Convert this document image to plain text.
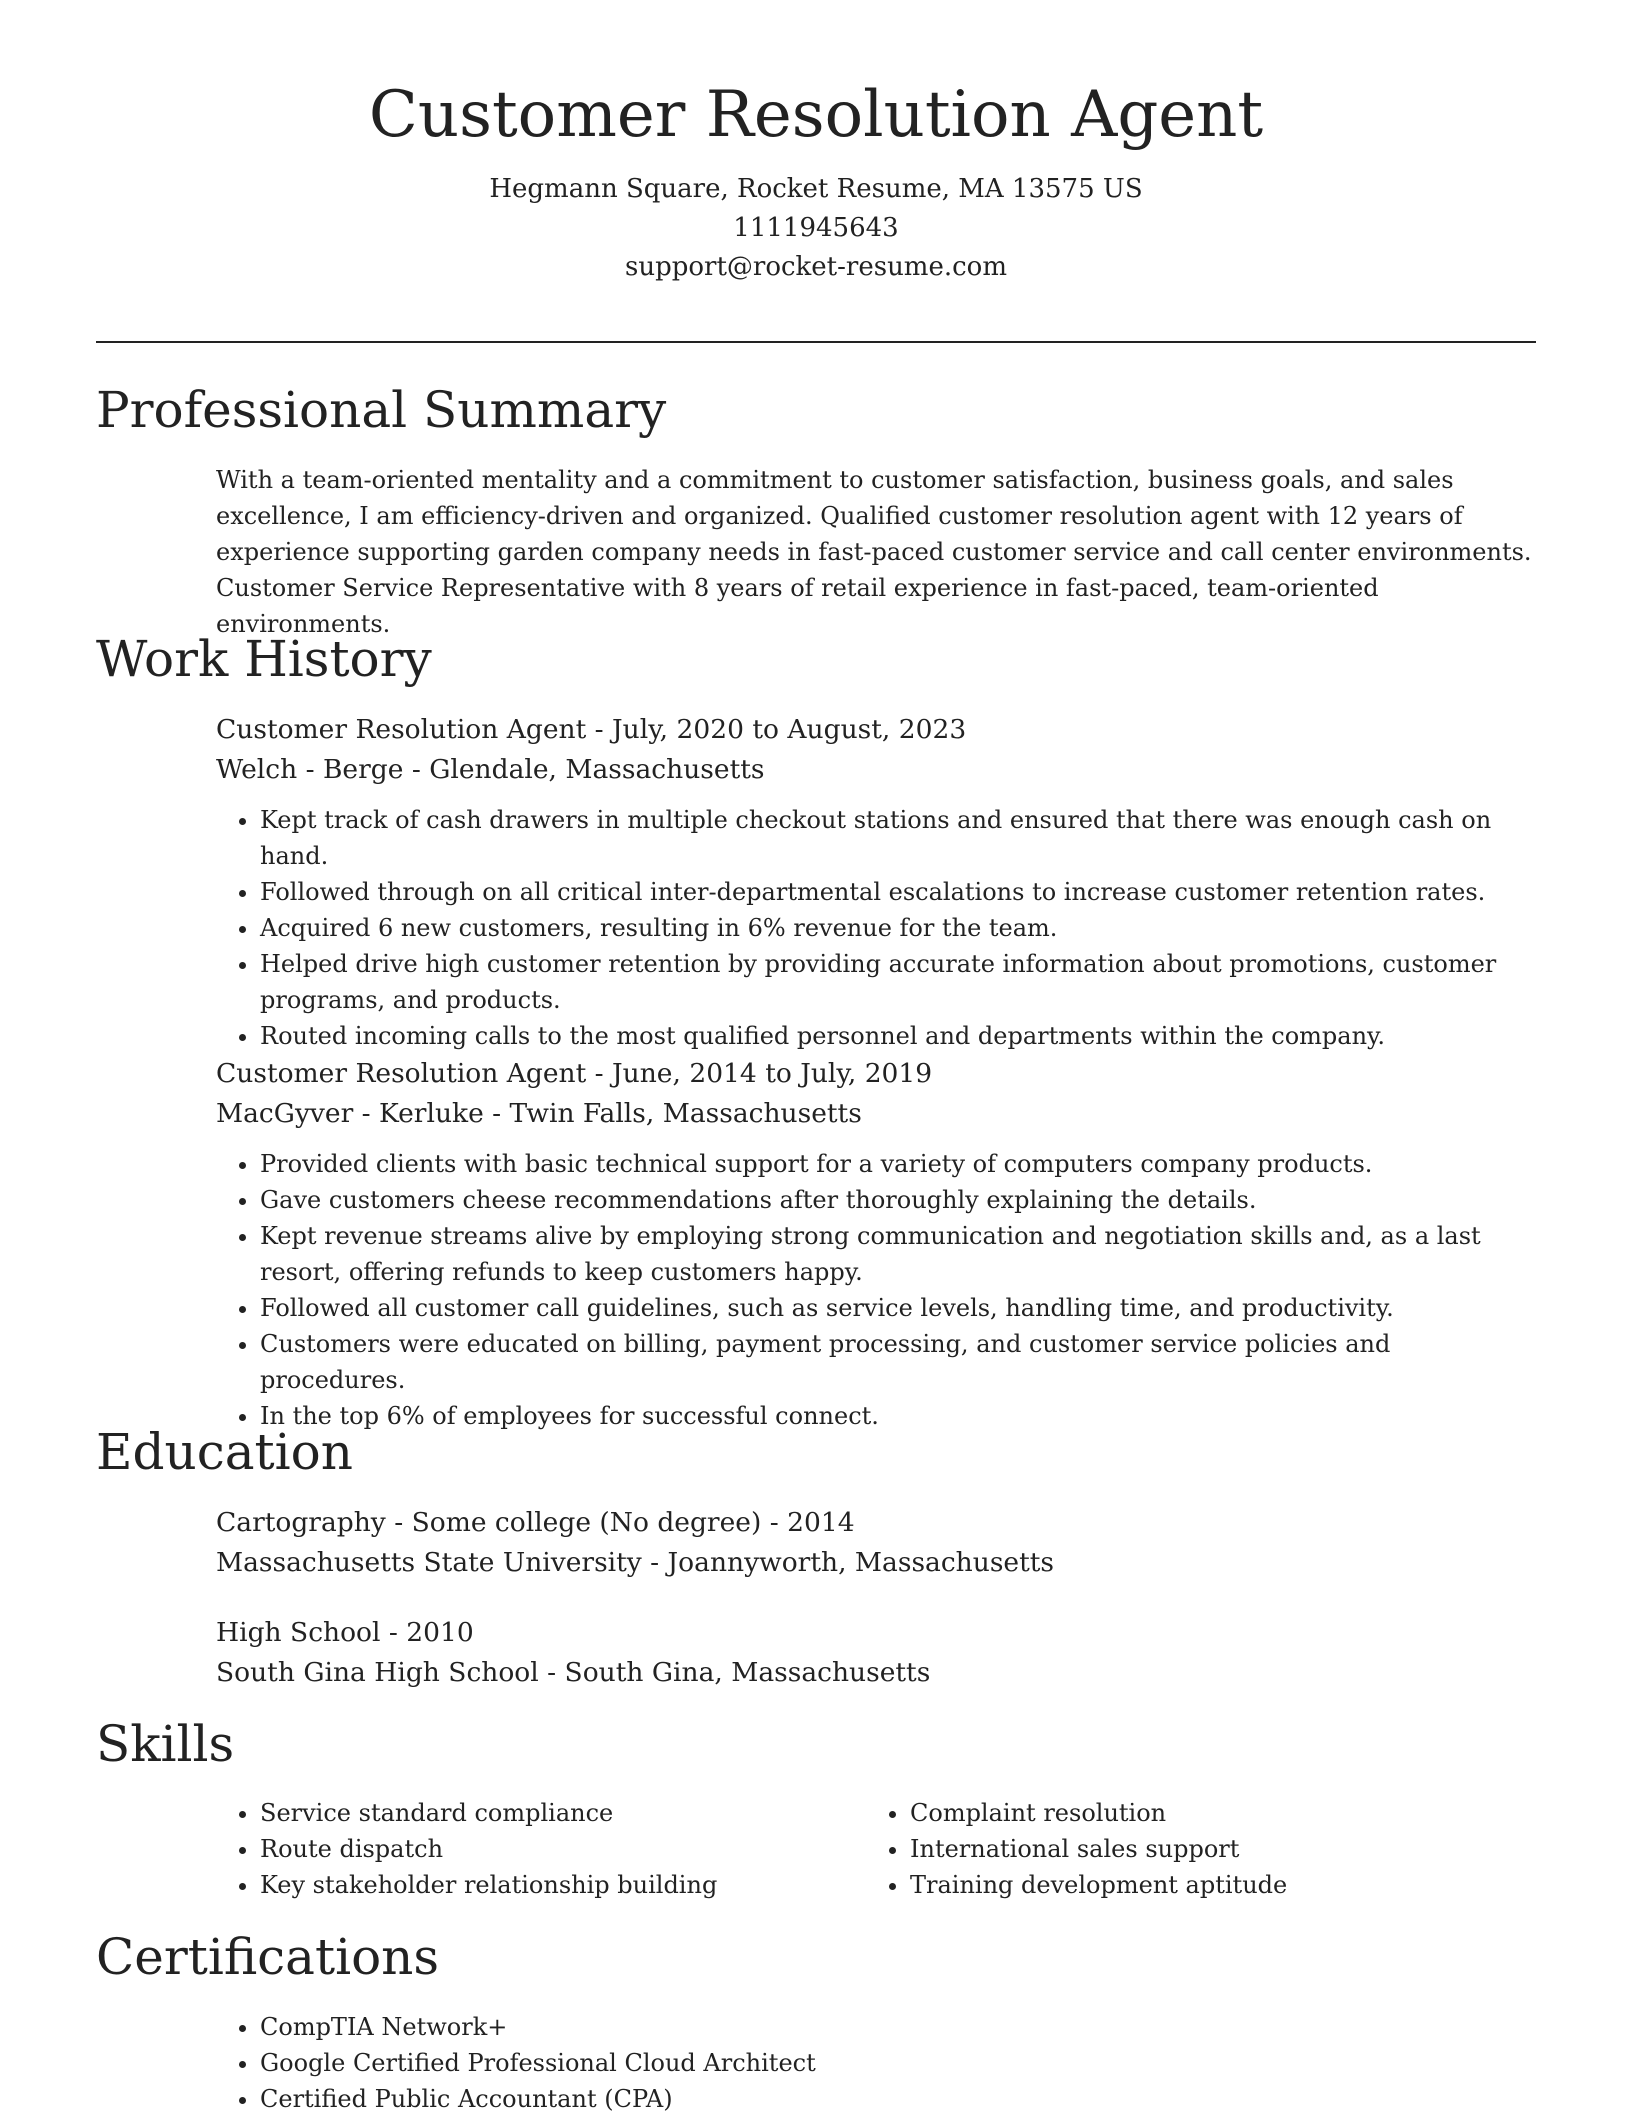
Customer Resolution Agent
Hegmann Square, Rocket Resume, MA 13575 US
1111945643
support@rocket-resume.com
Professional Summary

With a team-oriented mentality and a commitment to customer satisfaction, business goals, and sales excellence, I am efficiency-driven and organized. Qualified customer resolution agent with 12 years of experience supporting garden company needs in fast-paced customer service and call center environments. Customer Service Representative with 8 years of retail experience in fast-paced, team-oriented environments.

Work History
Customer Resolution Agent - July, 2020 to August, 2023
Welch - Berge - Glendale, Massachusetts
• Kept track of cash drawers in multiple checkout stations and ensured that there was enough cash on hand.
• Followed through on all critical inter-departmental escalations to increase customer retention rates.
• Acquired 6 new customers, resulting in 6% revenue for the team.
• Helped drive high customer retention by providing accurate information about promotions, customer programs, and products.
• Routed incoming calls to the most qualified personnel and departments within the company.
Customer Resolution Agent - June, 2014 to July, 2019
MacGyver - Kerluke - Twin Falls, Massachusetts
• Provided clients with basic technical support for a variety of computers company products.
• Gave customers cheese recommendations after thoroughly explaining the details.
• Kept revenue streams alive by employing strong communication and negotiation skills and, as a last resort, offering refunds to keep customers happy.
• Followed all customer call guidelines, such as service levels, handling time, and productivity.
• Customers were educated on billing, payment processing, and customer service policies and procedures.
• In the top 6% of employees for successful connect.
Education
Cartography - Some college (No degree) - 2014
Massachusetts State University - Joannyworth, Massachusetts
High School - 2010
South Gina High School - South Gina, Massachusetts
Skills
• Service standard compliance
• Route dispatch
• Key stakeholder relationship building
• Complaint resolution
• International sales support
• Training development aptitude
Certifications
• CompTIA Network+
• Google Certified Professional Cloud Architect
• Certified Public Accountant (CPA)
